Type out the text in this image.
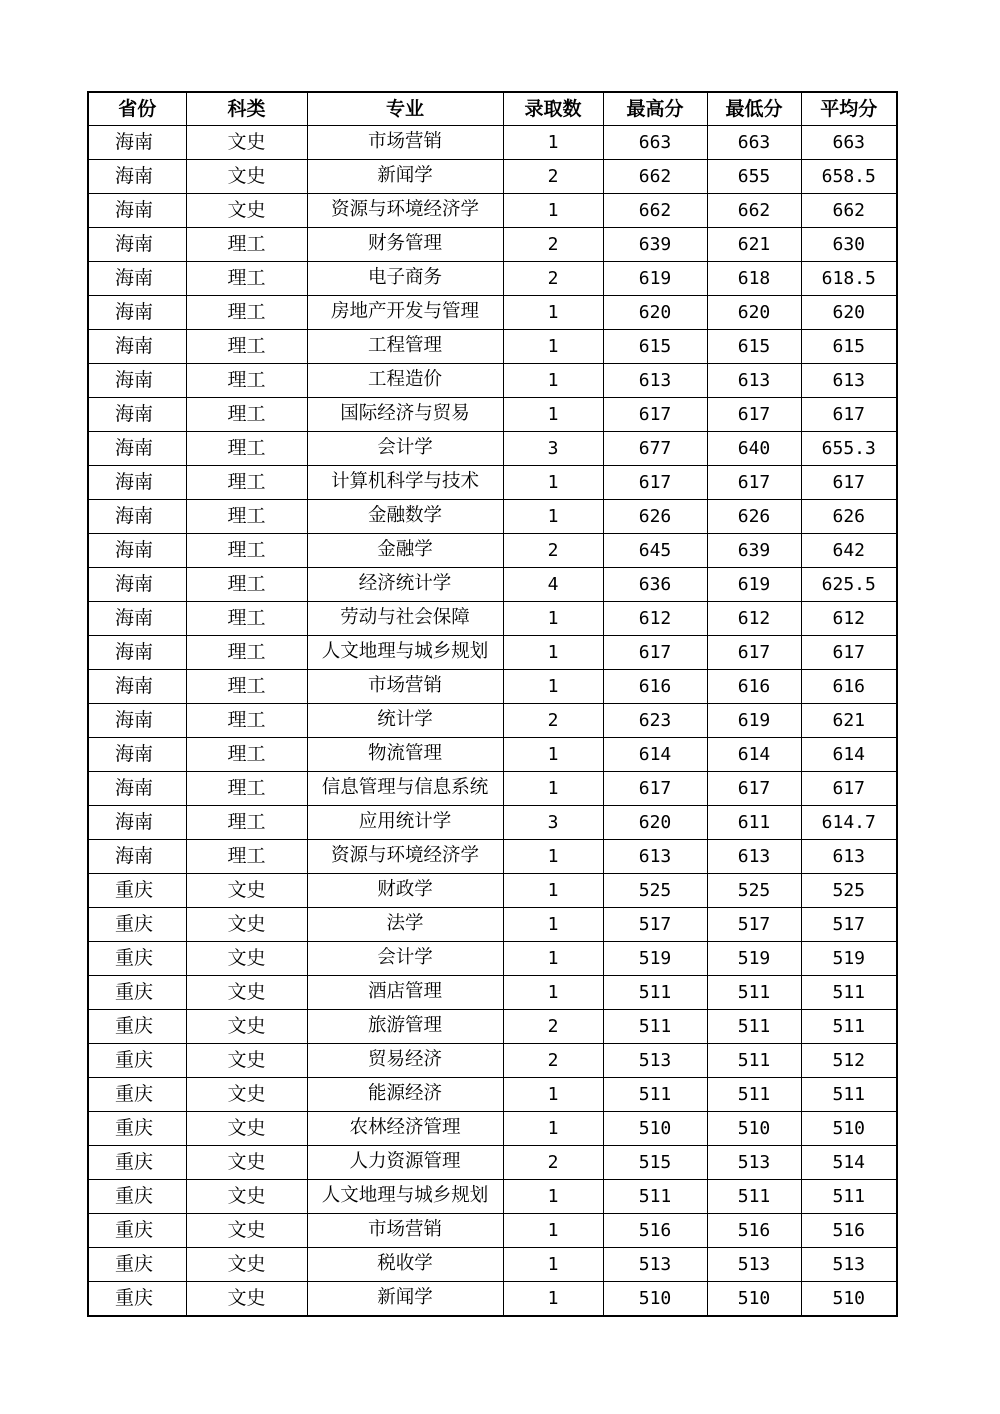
省份	科类	专业	录取数	最高分	最低分	平均分
海南	文史	市场营销	1	663	663	663
海南	文史	新闻学	2	662	655	658.5
海南	文史	资源与环境经济学	1	662	662	662
海南	理工	财务管理	2	639	621	630
海南	理工	电子商务	2	619	618	618.5
海南	理工	房地产开发与管理	1	620	620	620
海南	理工	工程管理	1	615	615	615
海南	理工	工程造价	1	613	613	613
海南	理工	国际经济与贸易	1	617	617	617
海南	理工	会计学	3	677	640	655.3
海南	理工	计算机科学与技术	1	617	617	617
海南	理工	金融数学	1	626	626	626
海南	理工	金融学	2	645	639	642
海南	理工	经济统计学	4	636	619	625.5
海南	理工	劳动与社会保障	1	612	612	612
海南	理工	人文地理与城乡规划	1	617	617	617
海南	理工	市场营销	1	616	616	616
海南	理工	统计学	2	623	619	621
海南	理工	物流管理	1	614	614	614
海南	理工	信息管理与信息系统	1	617	617	617
海南	理工	应用统计学	3	620	611	614.7
海南	理工	资源与环境经济学	1	613	613	613
重庆	文史	财政学	1	525	525	525
重庆	文史	法学	1	517	517	517
重庆	文史	会计学	1	519	519	519
重庆	文史	酒店管理	1	511	511	511
重庆	文史	旅游管理	2	511	511	511
重庆	文史	贸易经济	2	513	511	512
重庆	文史	能源经济	1	511	511	511
重庆	文史	农林经济管理	1	510	510	510
重庆	文史	人力资源管理	2	515	513	514
重庆	文史	人文地理与城乡规划	1	511	511	511
重庆	文史	市场营销	1	516	516	516
重庆	文史	税收学	1	513	513	513
重庆	文史	新闻学	1	510	510	510
